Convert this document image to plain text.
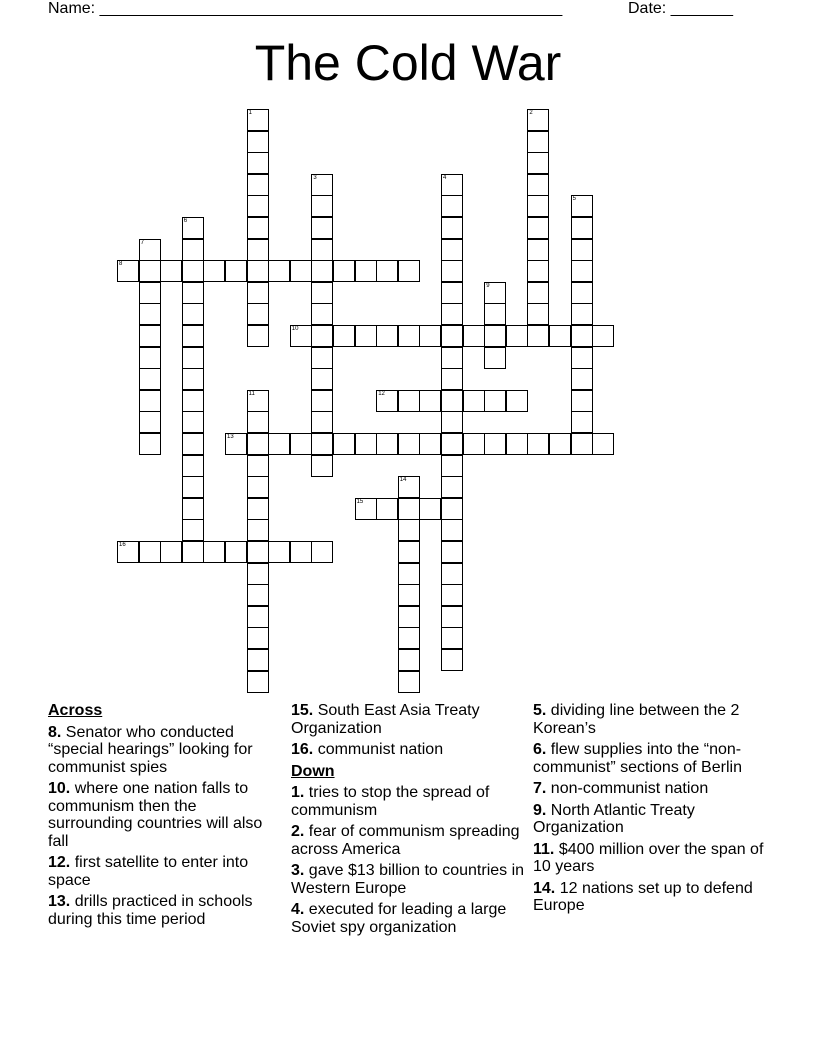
Name: ____________________________________________________	Date: _______
The Cold War
1	2
3	4
5
6
7
8
9
10
11	12
13
14
15
16
Across
8. Senator who conducted “special hearings” looking for communist spies
10. where one nation falls to communism then the surrounding countries will also fall
12. first satellite to enter into space
13. drills practiced in schools during this time period
15. South East Asia Treaty Organization
16. communist nation
Down
1. tries to stop the spread of communism
2. fear of communism spreading across America
3. gave $13 billion to countries in Western Europe
4. executed for leading a large Soviet spy organization
5. dividing line between the 2 Korean’s
6. flew supplies into the “non-communist” sections of Berlin
7. non-communist nation
9. North Atlantic Treaty Organization
11. $400 million over the span of 10 years
14. 12 nations set up to defend Europe
